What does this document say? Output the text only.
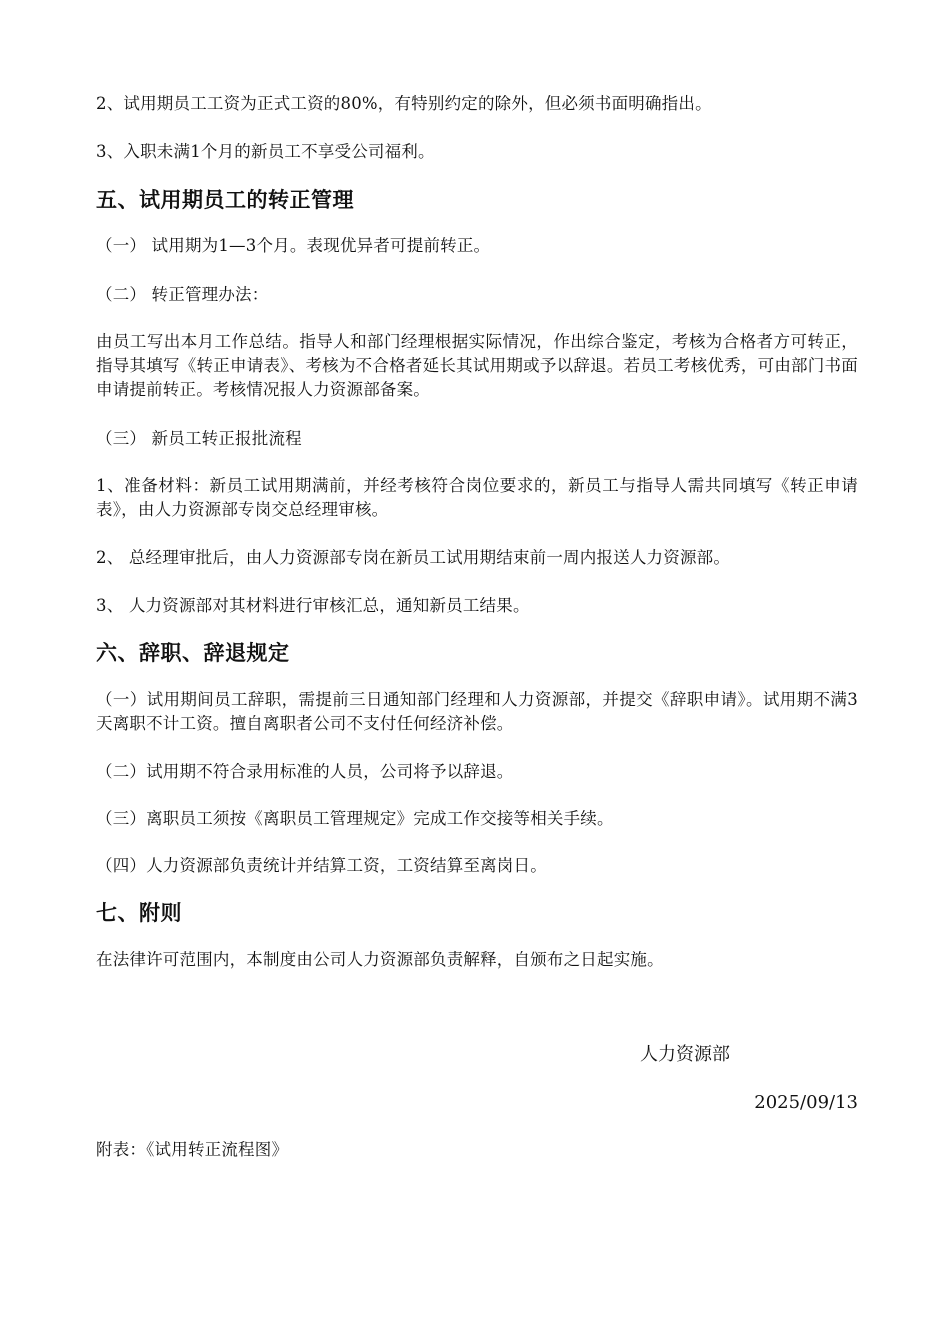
2、试用期员工工资为正式工资的80%，有特别约定的除外，但必须书面明确指出。
3、入职未满1个月的新员工不享受公司福利。
五、试用期员工的转正管理
（一） 试用期为1—3个月。表现优异者可提前转正。
（二） 转正管理办法：
由员工写出本月工作总结。指导人和部门经理根据实际情况，作出综合鉴定，考核为合格者方可转正，指导其填写《转正申请表》、考核为不合格者延长其试用期或予以辞退。若员工考核优秀，可由部门书面申请提前转正。考核情况报人力资源部备案。
（三） 新员工转正报批流程
1、准备材料：新员工试用期满前，并经考核符合岗位要求的，新员工与指导人需共同填写《转正申请表》，由人力资源部专岗交总经理审核。
2、 总经理审批后，由人力资源部专岗在新员工试用期结束前一周内报送人力资源部。
3、 人力资源部对其材料进行审核汇总，通知新员工结果。
六、辞职、辞退规定
（一）试用期间员工辞职，需提前三日通知部门经理和人力资源部，并提交《辞职申请》。试用期不满3天离职不计工资。擅自离职者公司不支付任何经济补偿。
（二）试用期不符合录用标准的人员，公司将予以辞退。
（三）离职员工须按《离职员工管理规定》完成工作交接等相关手续。
（四）人力资源部负责统计并结算工资，工资结算至离岗日。
七、附则
在法律许可范围内，本制度由公司人力资源部负责解释，自颁布之日起实施。
人力资源部
2025/09/13
附表：《试用转正流程图》
